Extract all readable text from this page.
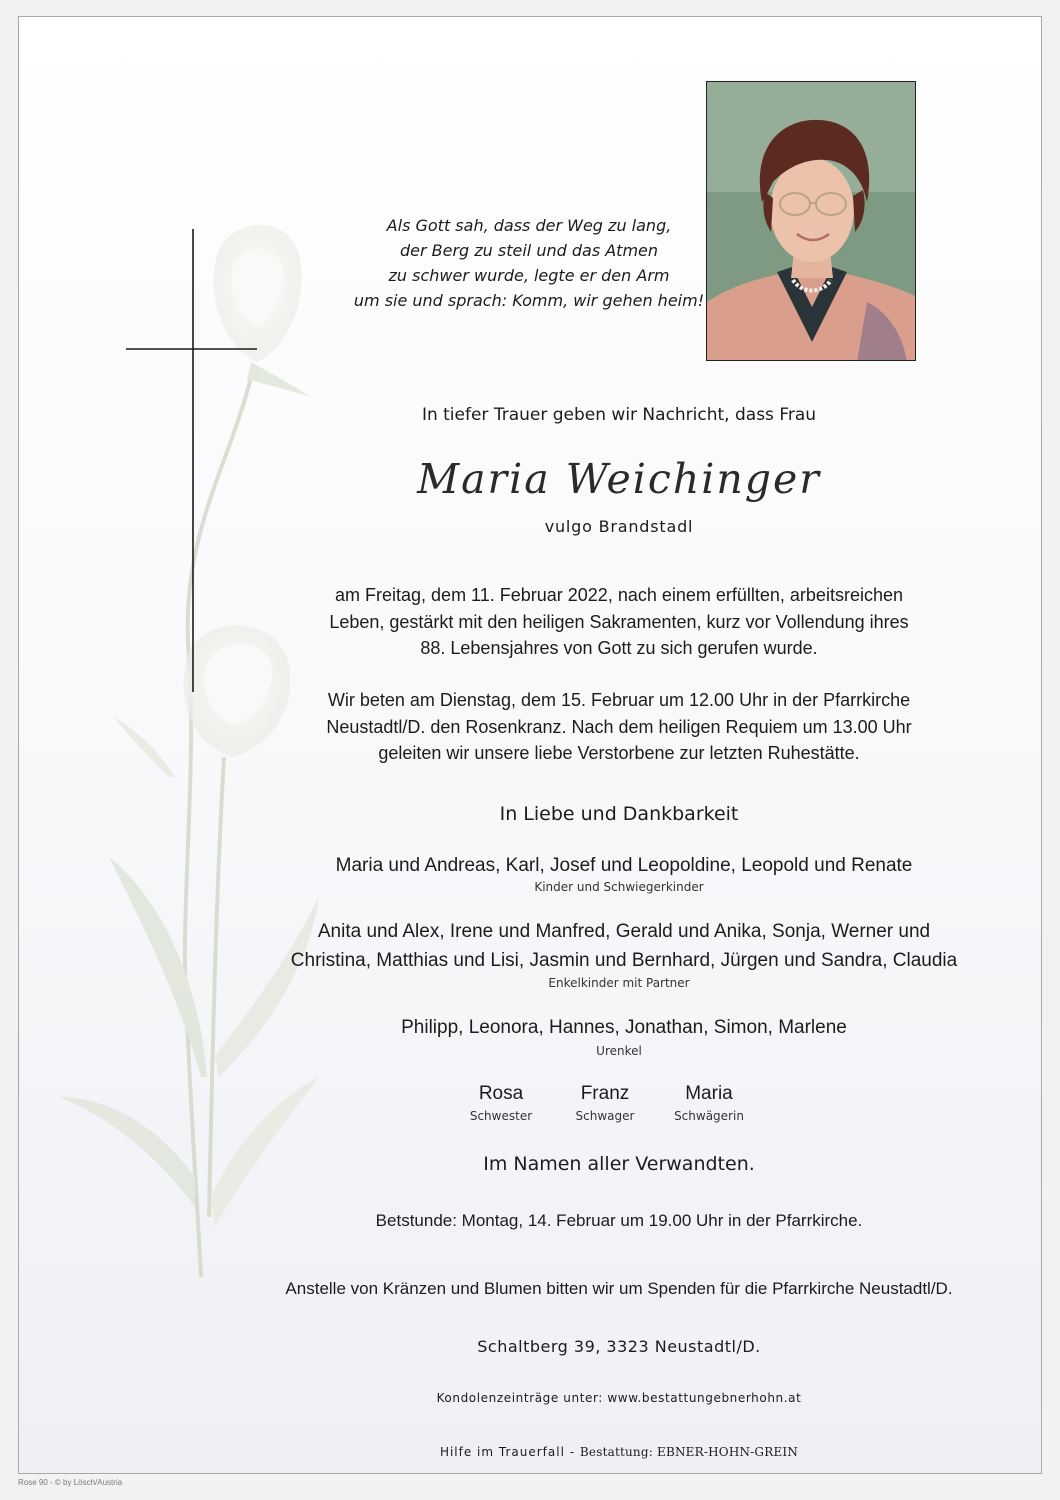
Als Gott sah, dass der Weg zu lang,
der Berg zu steil und das Atmen
zu schwer wurde, legte er den Arm
um sie und sprach: Komm, wir gehen heim!
In tiefer Trauer geben wir Nachricht, dass Frau
Maria Weichinger
vulgo Brandstadl
am Freitag, dem 11. Februar 2022, nach einem erfüllten, arbeitsreichen
Leben, gestärkt mit den heiligen Sakramenten, kurz vor Vollendung ihres
88. Lebensjahres von Gott zu sich gerufen wurde.
Wir beten am Dienstag, dem 15. Februar um 12.00 Uhr in der Pfarrkirche
Neustadtl/D. den Rosenkranz. Nach dem heiligen Requiem um 13.00 Uhr
geleiten wir unsere liebe Verstorbene zur letzten Ruhestätte.
In Liebe und Dankbarkeit
Maria und Andreas, Karl, Josef und Leopoldine, Leopold und Renate
Kinder und Schwiegerkinder
Anita und Alex, Irene und Manfred, Gerald und Anika, Sonja, Werner und
Christina, Matthias und Lisi, Jasmin und Bernhard, Jürgen und Sandra, Claudia
Enkelkinder mit Partner
Philipp, Leonora, Hannes, Jonathan, Simon, Marlene
Urenkel
Rosa
Schwester
Franz
Schwager
Maria
Schwägerin
Im Namen aller Verwandten.
Betstunde: Montag, 14. Februar um 19.00 Uhr in der Pfarrkirche.
Anstelle von Kränzen und Blumen bitten wir um Spenden für die Pfarrkirche Neustadtl/D.
Schaltberg 39, 3323 Neustadtl/D.
Kondolenzeinträge unter: www.bestattungebnerhohn.at
Hilfe im Trauerfall - Bestattung: EBNER-HOHN-GREIN
Rose 90 - © by Lösch/Austria
